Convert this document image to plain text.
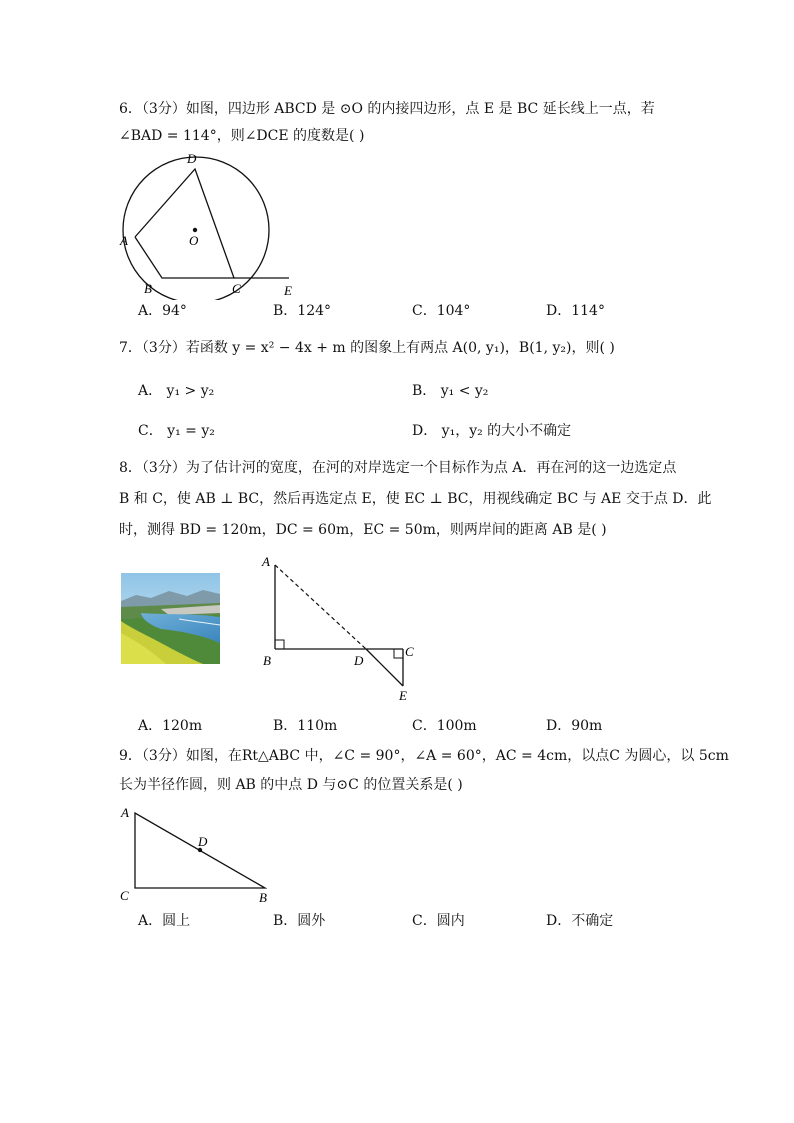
6．（3分）如图，四边形 ABCD 是 ⊙O 的内接四边形，点 E 是 BC 延长线上一点，若
∠BAD = 114°，则∠DCE 的度数是( )
D
A	O
B	C	E
A．94°	B．124°	C．104°	D．114°
7．（3分）若函数 y = x² − 4x + m 的图象上有两点 A(0, y₁)，B(1, y₂)，则( )
A． y₁ > y₂	B． y₁ < y₂
C． y₁ = y₂	D． y₁，y₂ 的大小不确定
8．（3分）为了估计河的宽度，在河的对岸选定一个目标作为点 A．再在河的这一边选定点
B 和 C，使 AB ⊥ BC，然后再选定点 E，使 EC ⊥ BC，用视线确定 BC 与 AE 交于点 D．此
时，测得 BD = 120m，DC = 60m，EC = 50m，则两岸间的距离 AB 是( )
A
B	D
C
E
A．120m	B．110m	C．100m	D．90m
9．（3分）如图，在Rt△ABC 中，∠C = 90°，∠A = 60°，AC = 4cm，以点C 为圆心，以 5cm
长为半径作圆，则 AB 的中点 D 与⊙C 的位置关系是( )
A
D
C	B
A．圆上	B．圆外	C．圆内	D．不确定
